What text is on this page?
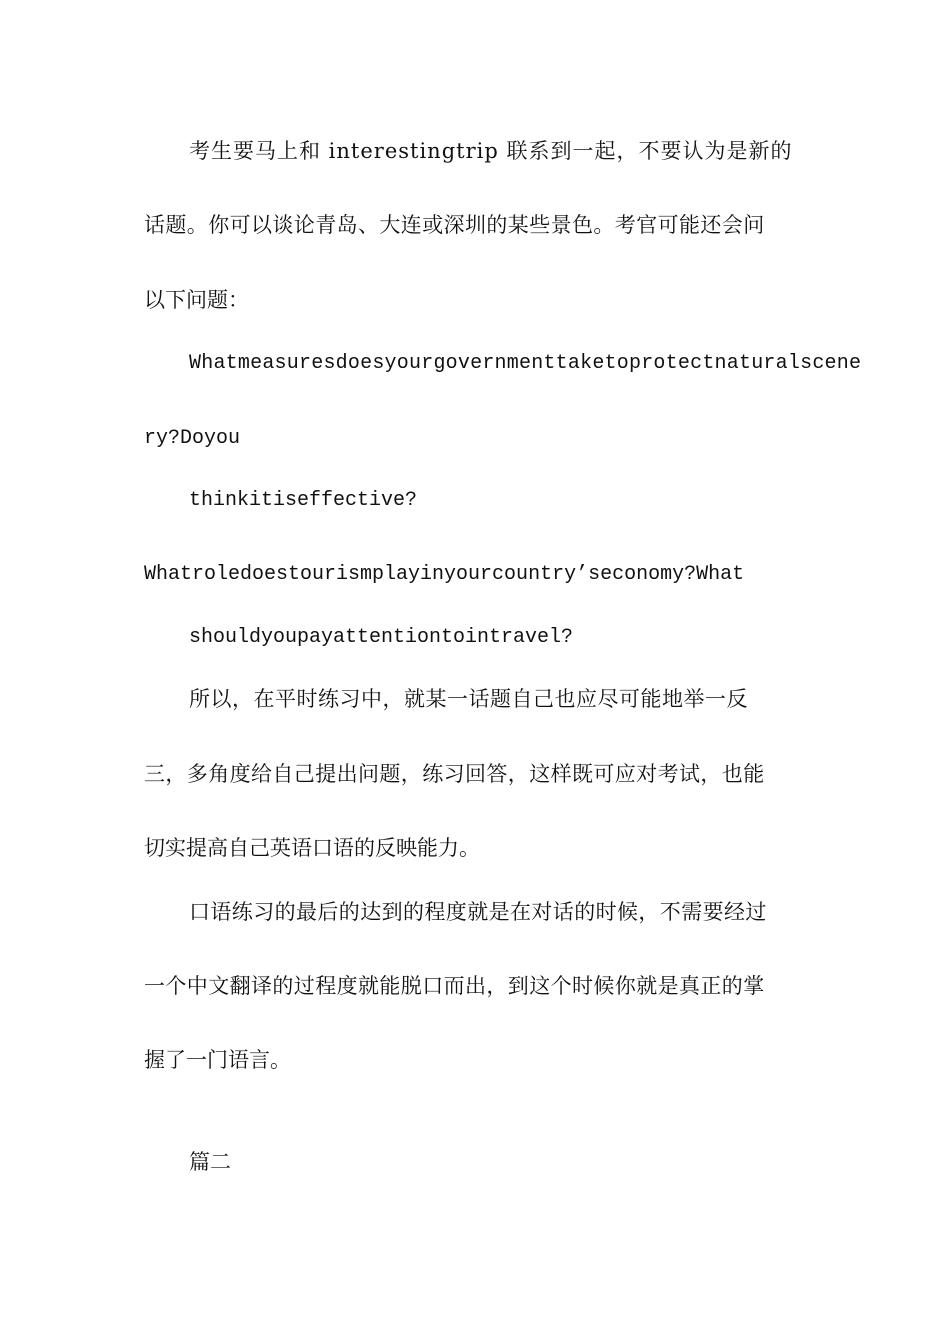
考生要马上和 interestingtrip 联系到一起，不要认为是新的
话题。你可以谈论青岛、大连或深圳的某些景色。考官可能还会问
以下问题：
Whatmeasuresdoesyourgovernmenttaketoprotectnaturalscene
ry?Doyou
thinkitiseffective?
Whatroledoestourismplayinyourcountry’seconomy?What
shouldyoupayattentiontointravel?
所以，在平时练习中，就某一话题自己也应尽可能地举一反
三，多角度给自己提出问题，练习回答，这样既可应对考试，也能
切实提高自己英语口语的反映能力。
口语练习的最后的达到的程度就是在对话的时候，不需要经过
一个中文翻译的过程度就能脱口而出，到这个时候你就是真正的掌
握了一门语言。
篇二
